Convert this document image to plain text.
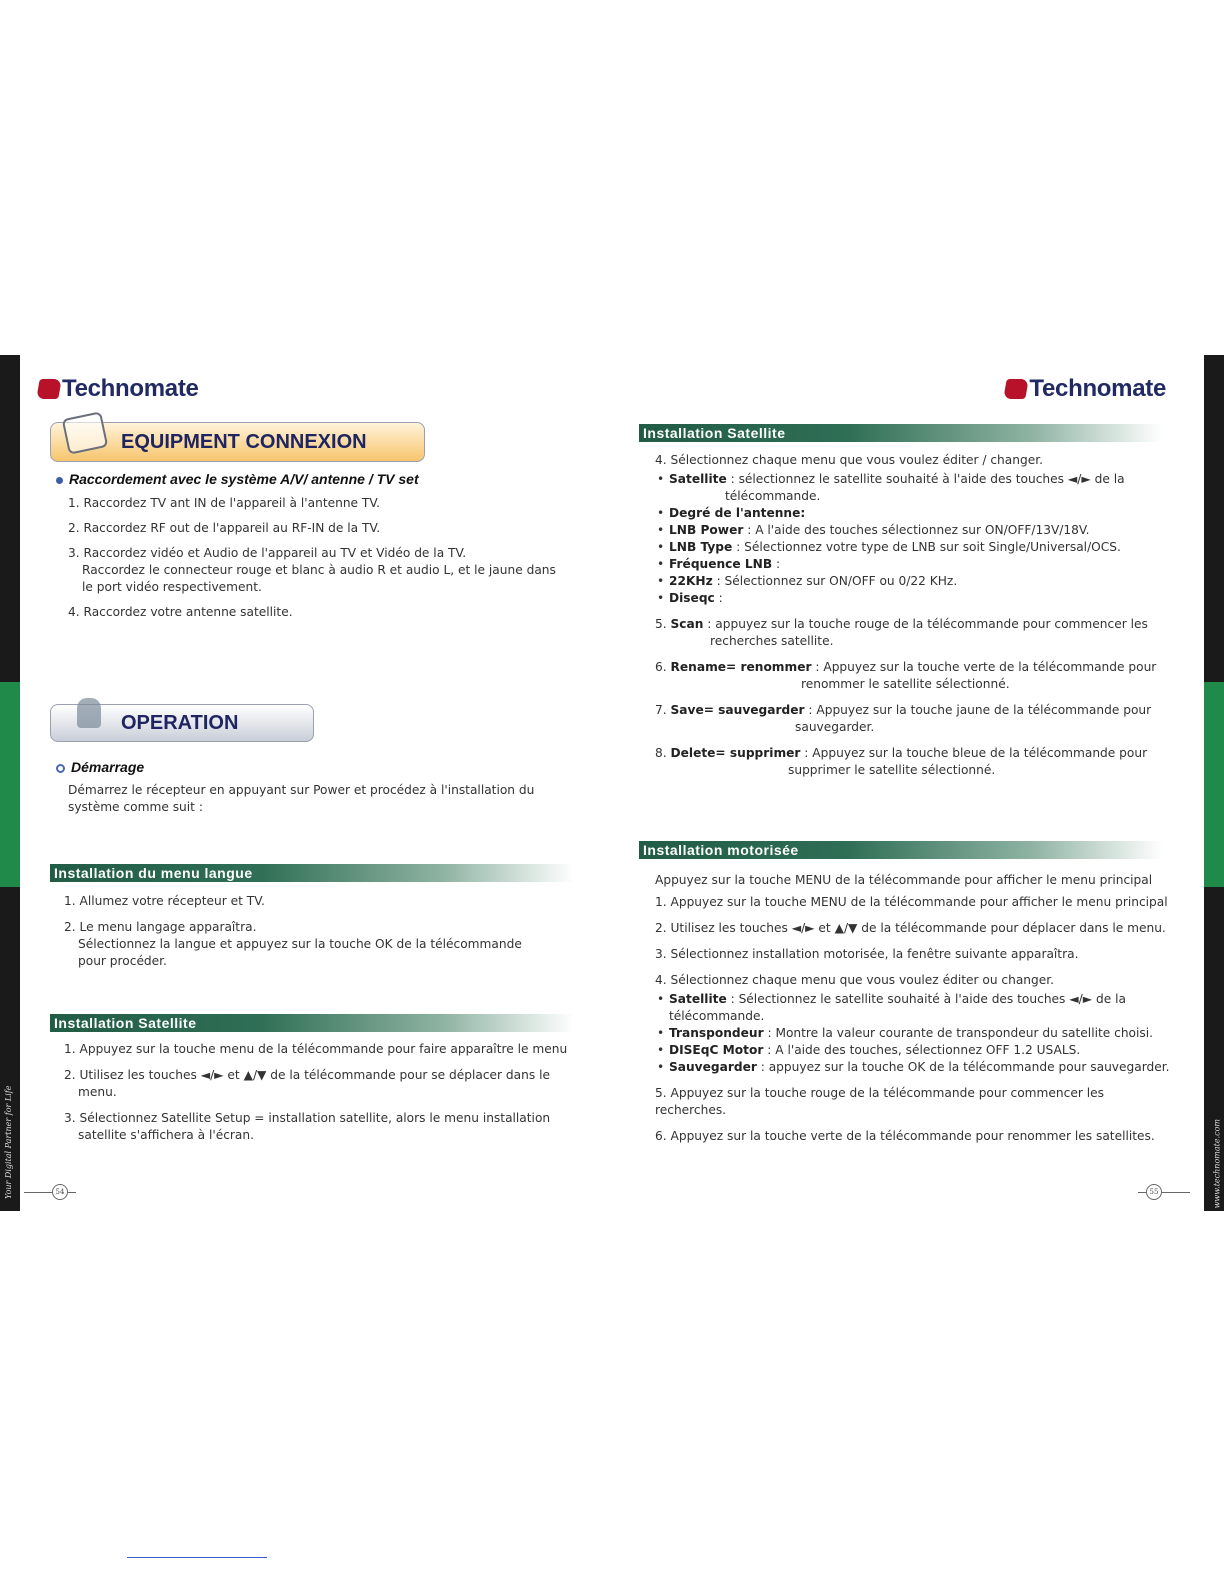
Your Digital Partner for Life	www.technomate.com
Technomate
EQUIPMENT CONNEXION
Raccordement avec le système A/V/ antenne / TV set

1. Raccordez TV ant IN de l'appareil à l'antenne TV.

2. Raccordez RF out de l'appareil au RF-IN de la TV.

3. Raccordez vidéo et Audio de l'appareil au TV et Vidéo de la TV.

Raccordez le connecteur rouge et blanc à audio R et audio L, et le jaune dans le port vidéo respectivement.

4. Raccordez votre antenne satellite.

OPERATION
Démarrage

Démarrez le récepteur en appuyant sur Power et procédez à l'installation du système comme suit :

Installation du menu langue

1. Allumez votre récepteur et TV.

2. Le menu langage apparaîtra.

Sélectionnez la langue et appuyez sur la touche OK de la télécommande pour procéder.

Installation Satellite

1. Appuyez sur la touche menu de la télécommande pour faire apparaître le menu

2. Utilisez les touches ◄/► et ▲/▼ de la télécommande pour se déplacer dans le menu.

3. Sélectionnez Satellite Setup = installation satellite, alors le menu installation satellite s'affichera à l'écran.

54
Technomate
Installation Satellite

4. Sélectionnez chaque menu que vous voulez éditer / changer.

• Satellite : sélectionnez le satellite souhaité à l'aide des touches ◄/► de la
télécommande.
• Degré de l'antenne:
• LNB Power : A l'aide des touches sélectionnez sur ON/OFF/13V/18V.
• LNB Type : Sélectionnez votre type de LNB sur soit Single/Universal/OCS.
• Fréquence LNB :
• 22KHz : Sélectionnez sur ON/OFF ou 0/22 KHz.
• Diseqc :

5. Scan : appuyez sur la touche rouge de la télécommande pour commencer les

recherches satellite.

6. Rename= renommer : Appuyez sur la touche verte de la télécommande pour

renommer le satellite sélectionné.

7. Save= sauvegarder : Appuyez sur la touche jaune de la télécommande pour

sauvegarder.

8. Delete= supprimer : Appuyez sur la touche bleue de la télécommande pour

supprimer le satellite sélectionné.

Installation motorisée

Appuyez sur la touche MENU de la télécommande pour afficher le menu principal

1. Appuyez sur la touche MENU de la télécommande pour afficher le menu principal

2. Utilisez les touches ◄/► et ▲/▼ de la télécommande pour déplacer dans le menu.

3. Sélectionnez installation motorisée, la fenêtre suivante apparaîtra.

4. Sélectionnez chaque menu que vous voulez éditer ou changer.

• Satellite : Sélectionnez le satellite souhaité à l'aide des touches ◄/► de la
télécommande.
• Transpondeur : Montre la valeur courante de transpondeur du satellite choisi.
• DISEqC Motor : A l'aide des touches, sélectionnez OFF 1.2 USALS.
• Sauvegarder : appuyez sur la touche OK de la télécommande pour sauvegarder.

5. Appuyez sur la touche rouge de la télécommande pour commencer les recherches.

6. Appuyez sur la touche verte de la télécommande pour renommer les satellites.

55
